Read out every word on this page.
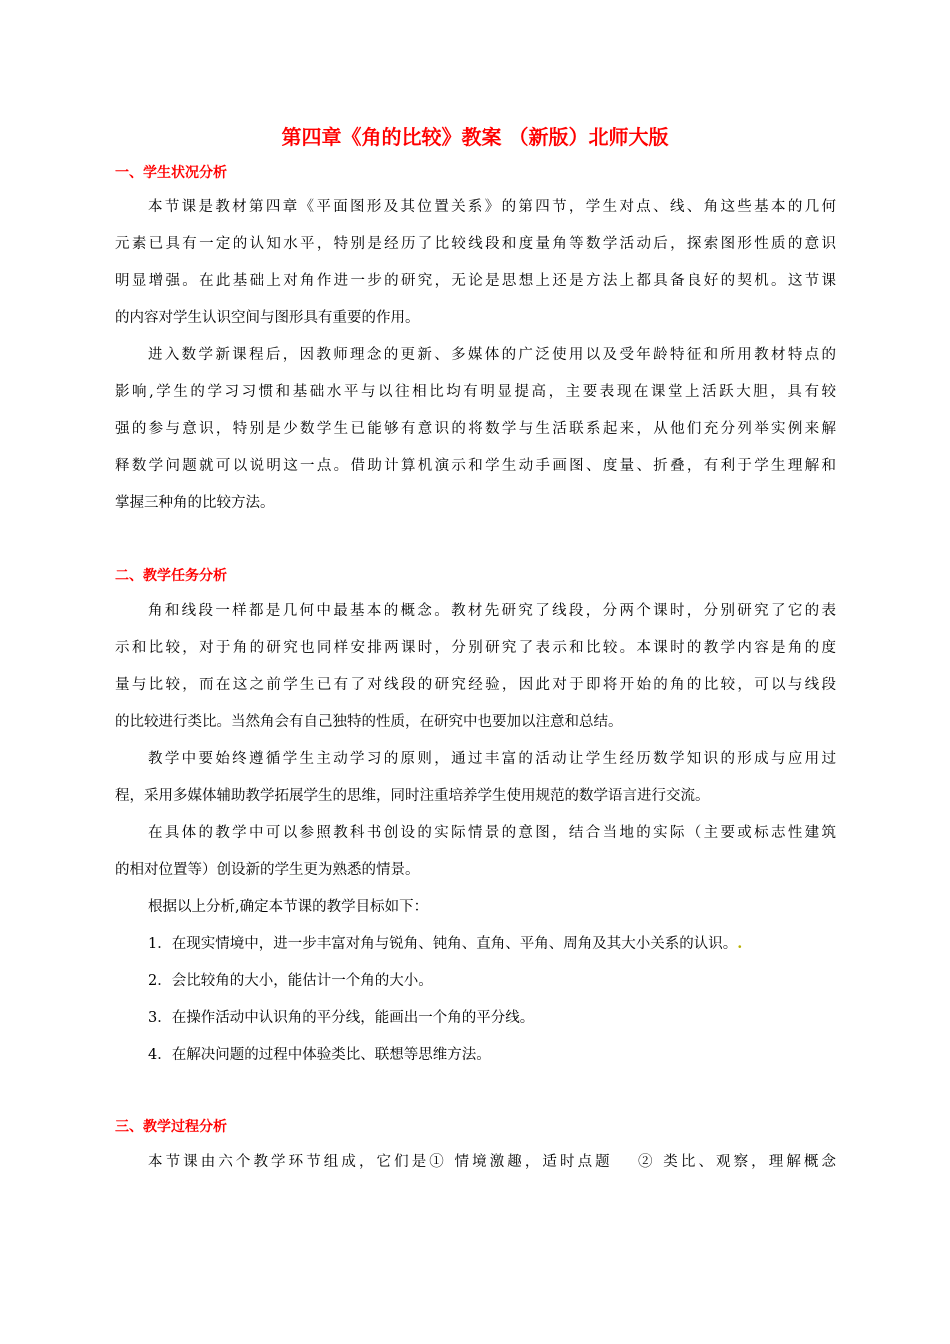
第四章《角的比较》教案 （新版）北师大版
一、学生状况分析
本节课是教材第四章《平面图形及其位置关系》的第四节，学生对点、线、角这些基本的几何
元素已具有一定的认知水平，特别是经历了比较线段和度量角等数学活动后，探索图形性质的意识
明显增强。在此基础上对角作进一步的研究，无论是思想上还是方法上都具备良好的契机。这节课
的内容对学生认识空间与图形具有重要的作用。
进入数学新课程后，因教师理念的更新、多媒体的广泛使用以及受年龄特征和所用教材特点的
影响,学生的学习习惯和基础水平与以往相比均有明显提高，主要表现在课堂上活跃大胆，具有较
强的参与意识，特别是少数学生已能够有意识的将数学与生活联系起来，从他们充分列举实例来解
释数学问题就可以说明这一点。借助计算机演示和学生动手画图、度量、折叠，有利于学生理解和
掌握三种角的比较方法。
二、教学任务分析
角和线段一样都是几何中最基本的概念。教材先研究了线段，分两个课时，分别研究了它的表
示和比较，对于角的研究也同样安排两课时，分别研究了表示和比较。本课时的教学内容是角的度
量与比较，而在这之前学生已有了对线段的研究经验，因此对于即将开始的角的比较，可以与线段
的比较进行类比。当然角会有自己独特的性质，在研究中也要加以注意和总结。
教学中要始终遵循学生主动学习的原则，通过丰富的活动让学生经历数学知识的形成与应用过
程，采用多媒体辅助教学拓展学生的思维，同时注重培养学生使用规范的数学语言进行交流。
在具体的教学中可以参照教科书创设的实际情景的意图，结合当地的实际（主要或标志性建筑
的相对位置等）创设新的学生更为熟悉的情景。
根据以上分析,确定本节课的教学目标如下：
1．在现实情境中，进一步丰富对角与锐角、钝角、直角、平角、周角及其大小关系的认识。.
2．会比较角的大小，能估计一个角的大小。
3．在操作活动中认识角的平分线，能画出一个角的平分线。
4．在解决问题的过程中体验类比、联想等思维方法。
三、教学过程分析
本节课由六个教学环节组成，它们是① 情境激趣，适时点题　 ② 类比、观察，理解概念
